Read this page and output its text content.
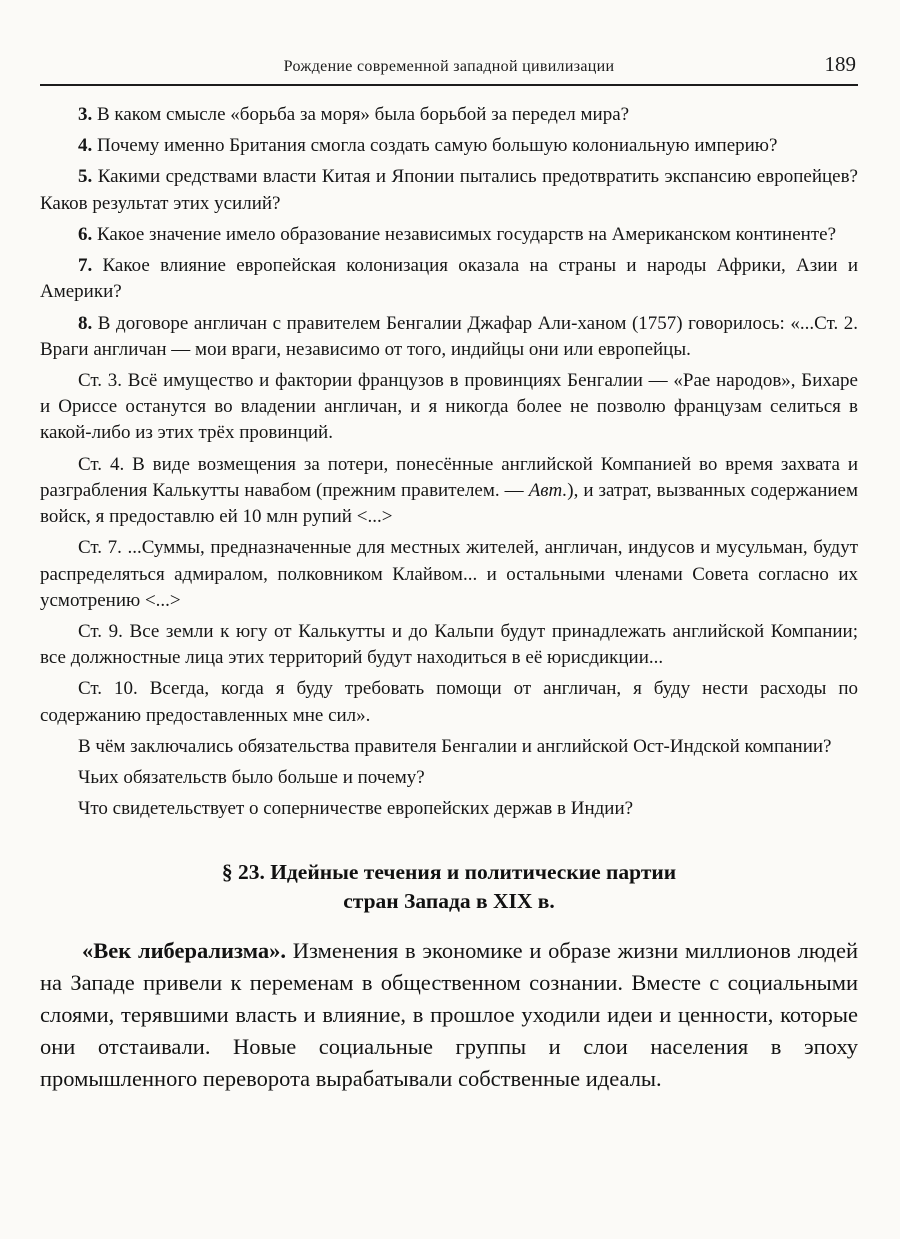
Рождение современной западной цивилизации	189

3. В каком смысле «борьба за моря» была борьбой за передел мира?

4. Почему именно Британия смогла создать самую большую колониальную империю?

5. Какими средствами власти Китая и Японии пытались предотвратить экспансию европейцев? Каков результат этих усилий?

6. Какое значение имело образование независимых государств на Американском континенте?

7. Какое влияние европейская колонизация оказала на страны и народы Африки, Азии и Америки?

8. В договоре англичан с правителем Бенгалии Джафар Али-ханом (1757) говорилось: «...Ст. 2. Враги англичан — мои враги, независимо от того, индийцы они или европейцы.

Ст. 3. Всё имущество и фактории французов в провинциях Бенгалии — «Рае народов», Бихаре и Ориссе останутся во владении англичан, и я никогда более не позволю французам селиться в какой-либо из этих трёх провинций.

Ст. 4. В виде возмещения за потери, понесённые английской Компанией во время захвата и разграбления Калькутты навабом (прежним правителем. — Авт.), и затрат, вызванных содержанием войск, я предоставлю ей 10 млн рупий <...>

Ст. 7. ...Суммы, предназначенные для местных жителей, англичан, индусов и мусульман, будут распределяться адмиралом, полковником Клайвом... и остальными членами Совета согласно их усмотрению <...>

Ст. 9. Все земли к югу от Калькутты и до Кальпи будут принадлежать английской Компании; все должностные лица этих территорий будут находиться в её юрисдикции...

Ст. 10. Всегда, когда я буду требовать помощи от англичан, я буду нести расходы по содержанию предоставленных мне сил».

В чём заключались обязательства правителя Бенгалии и английской Ост-Индской компании?

Чьих обязательств было больше и почему?

Что свидетельствует о соперничестве европейских держав в Индии?

§ 23. Идейные течения и политические партии
стран Запада в XIX в.

«Век либерализма». Изменения в экономике и образе жизни миллионов людей на Западе привели к переменам в общественном сознании. Вместе с социальными слоями, терявшими власть и влияние, в прошлое уходили идеи и ценности, которые они отстаивали. Новые социальные группы и слои населения в эпоху промышленного переворота вырабатывали собственные идеалы.
